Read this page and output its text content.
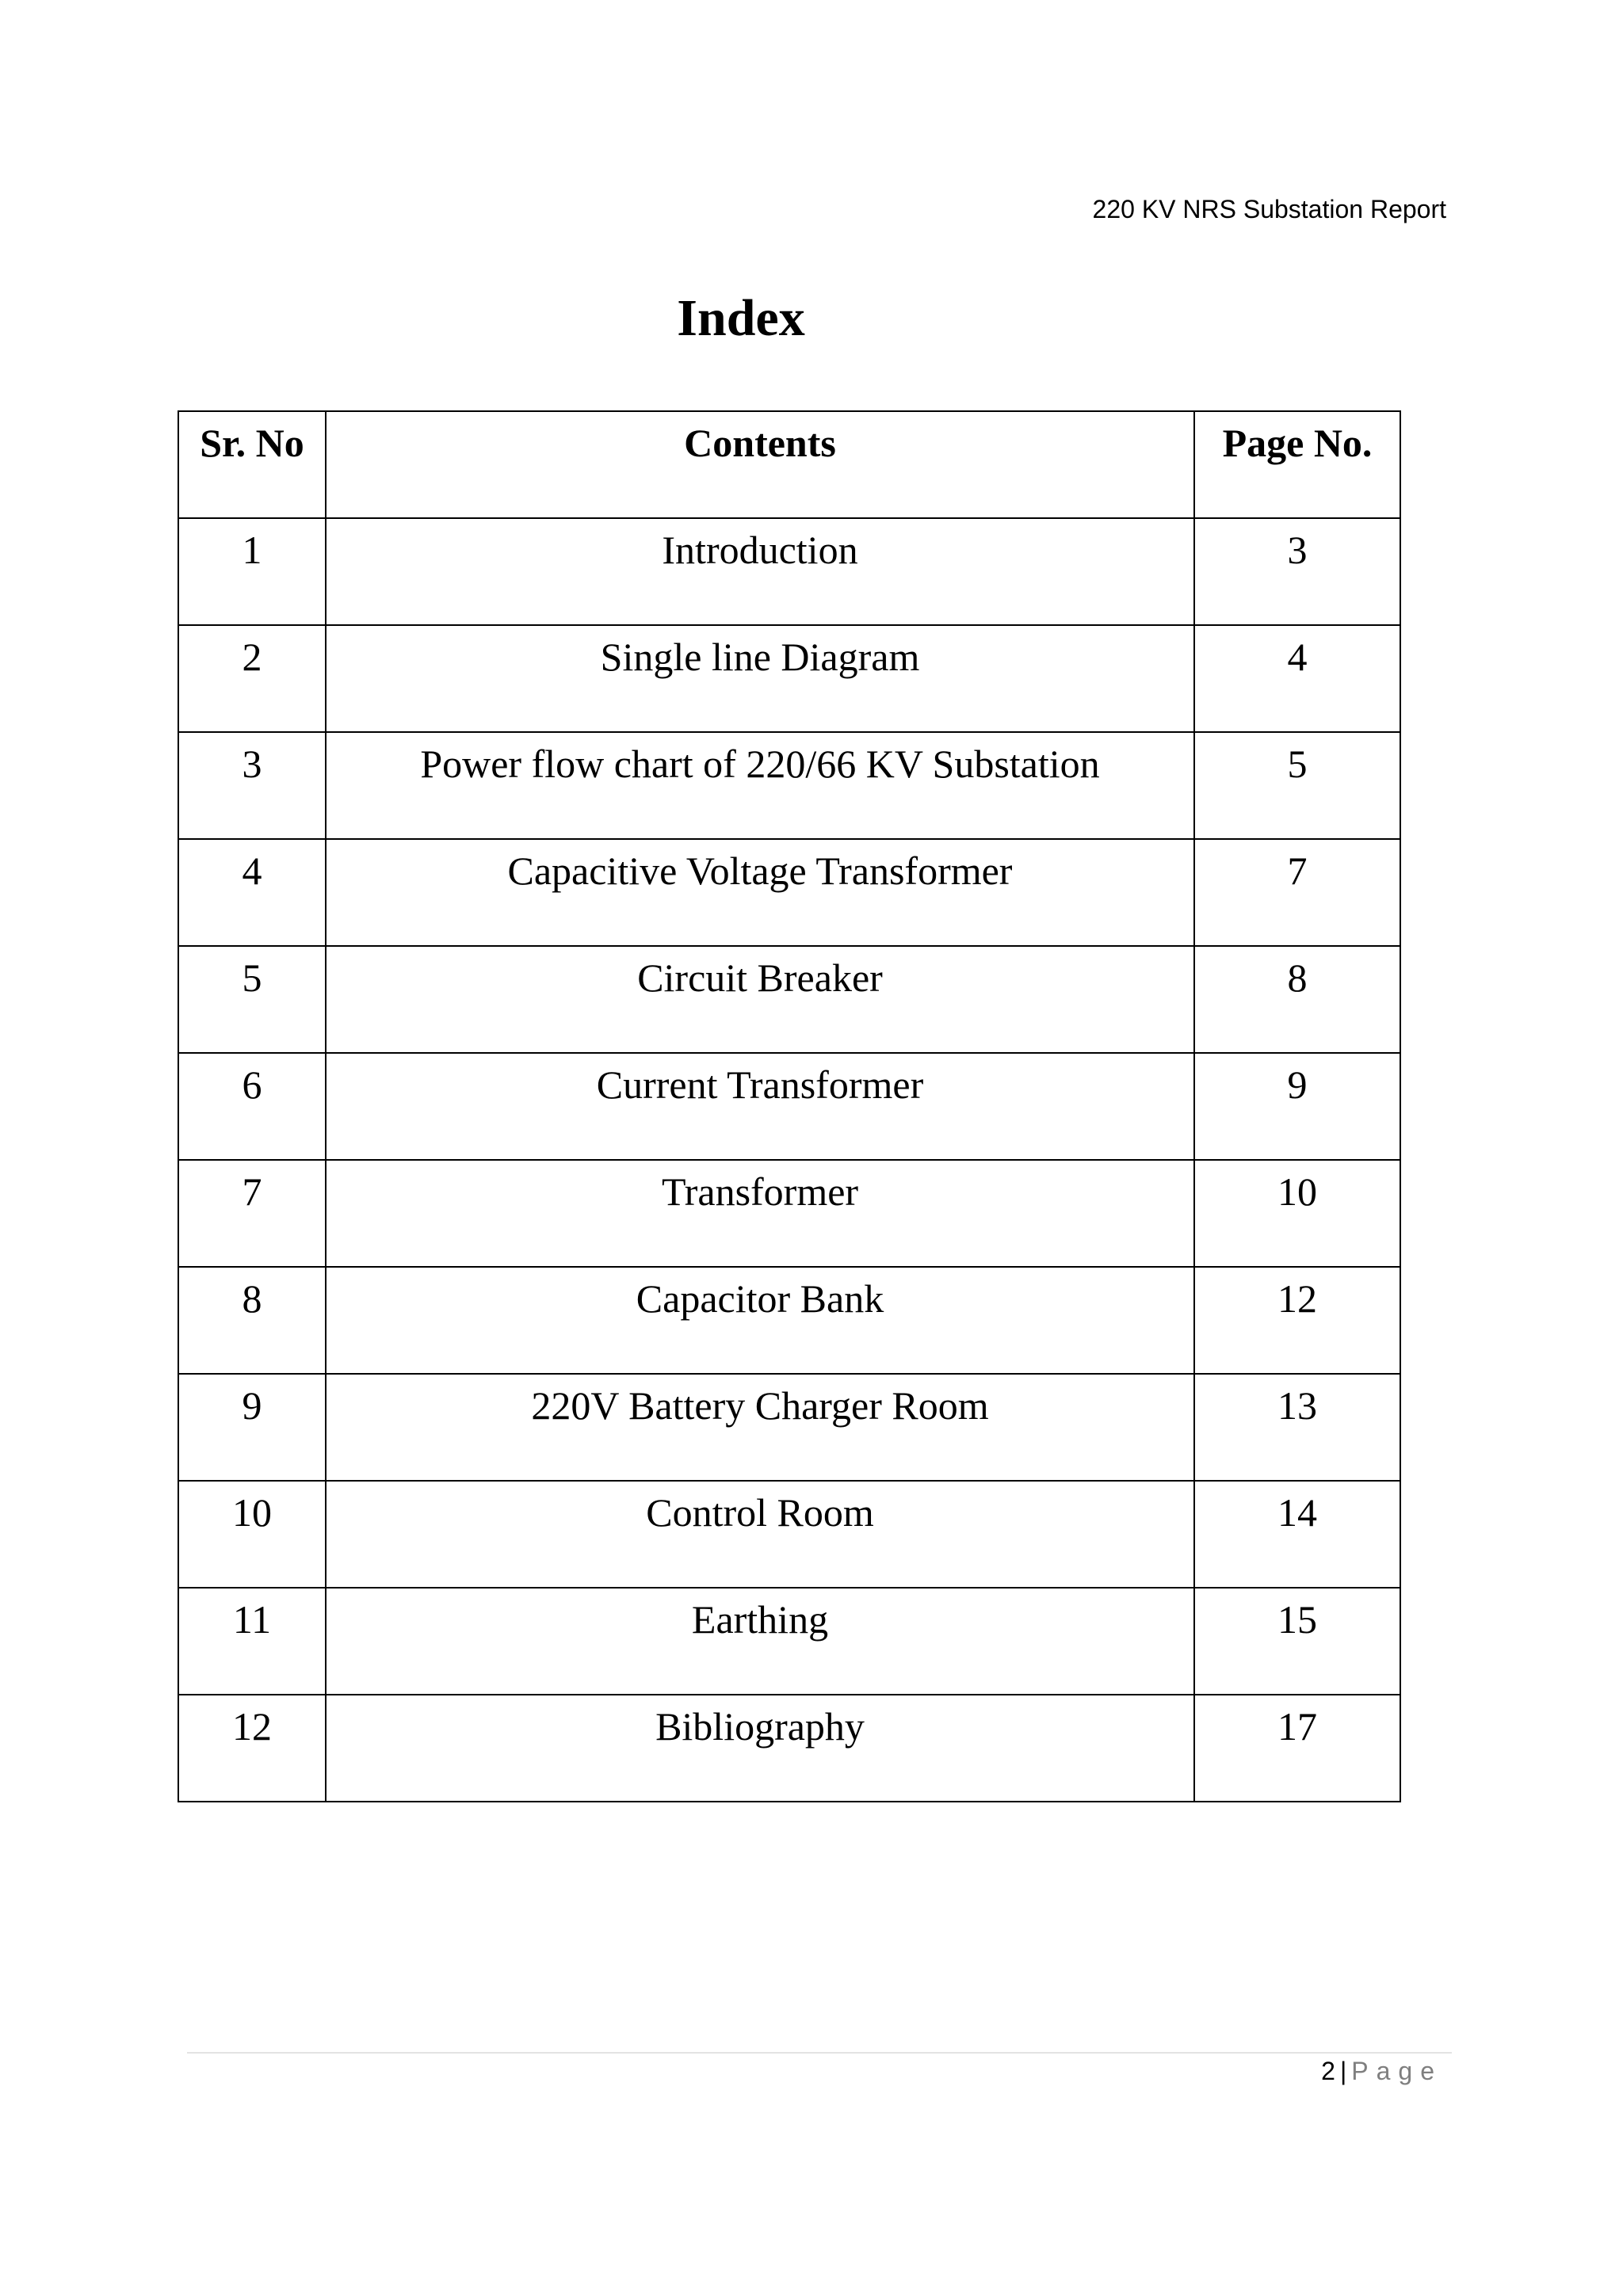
220 KV NRS Substation Report
Index
Sr. No	Contents	Page No.
1	Introduction	3
2	Single line Diagram	4
3	Power flow chart of 220/66 KV Substation	5
4	Capacitive Voltage Transformer	7
5	Circuit Breaker	8
6	Current Transformer	9
7	Transformer	10
8	Capacitor Bank	12
9	220V Battery Charger Room	13
10	Control Room	14
11	Earthing	15
12	Bibliography	17
2 | Page
